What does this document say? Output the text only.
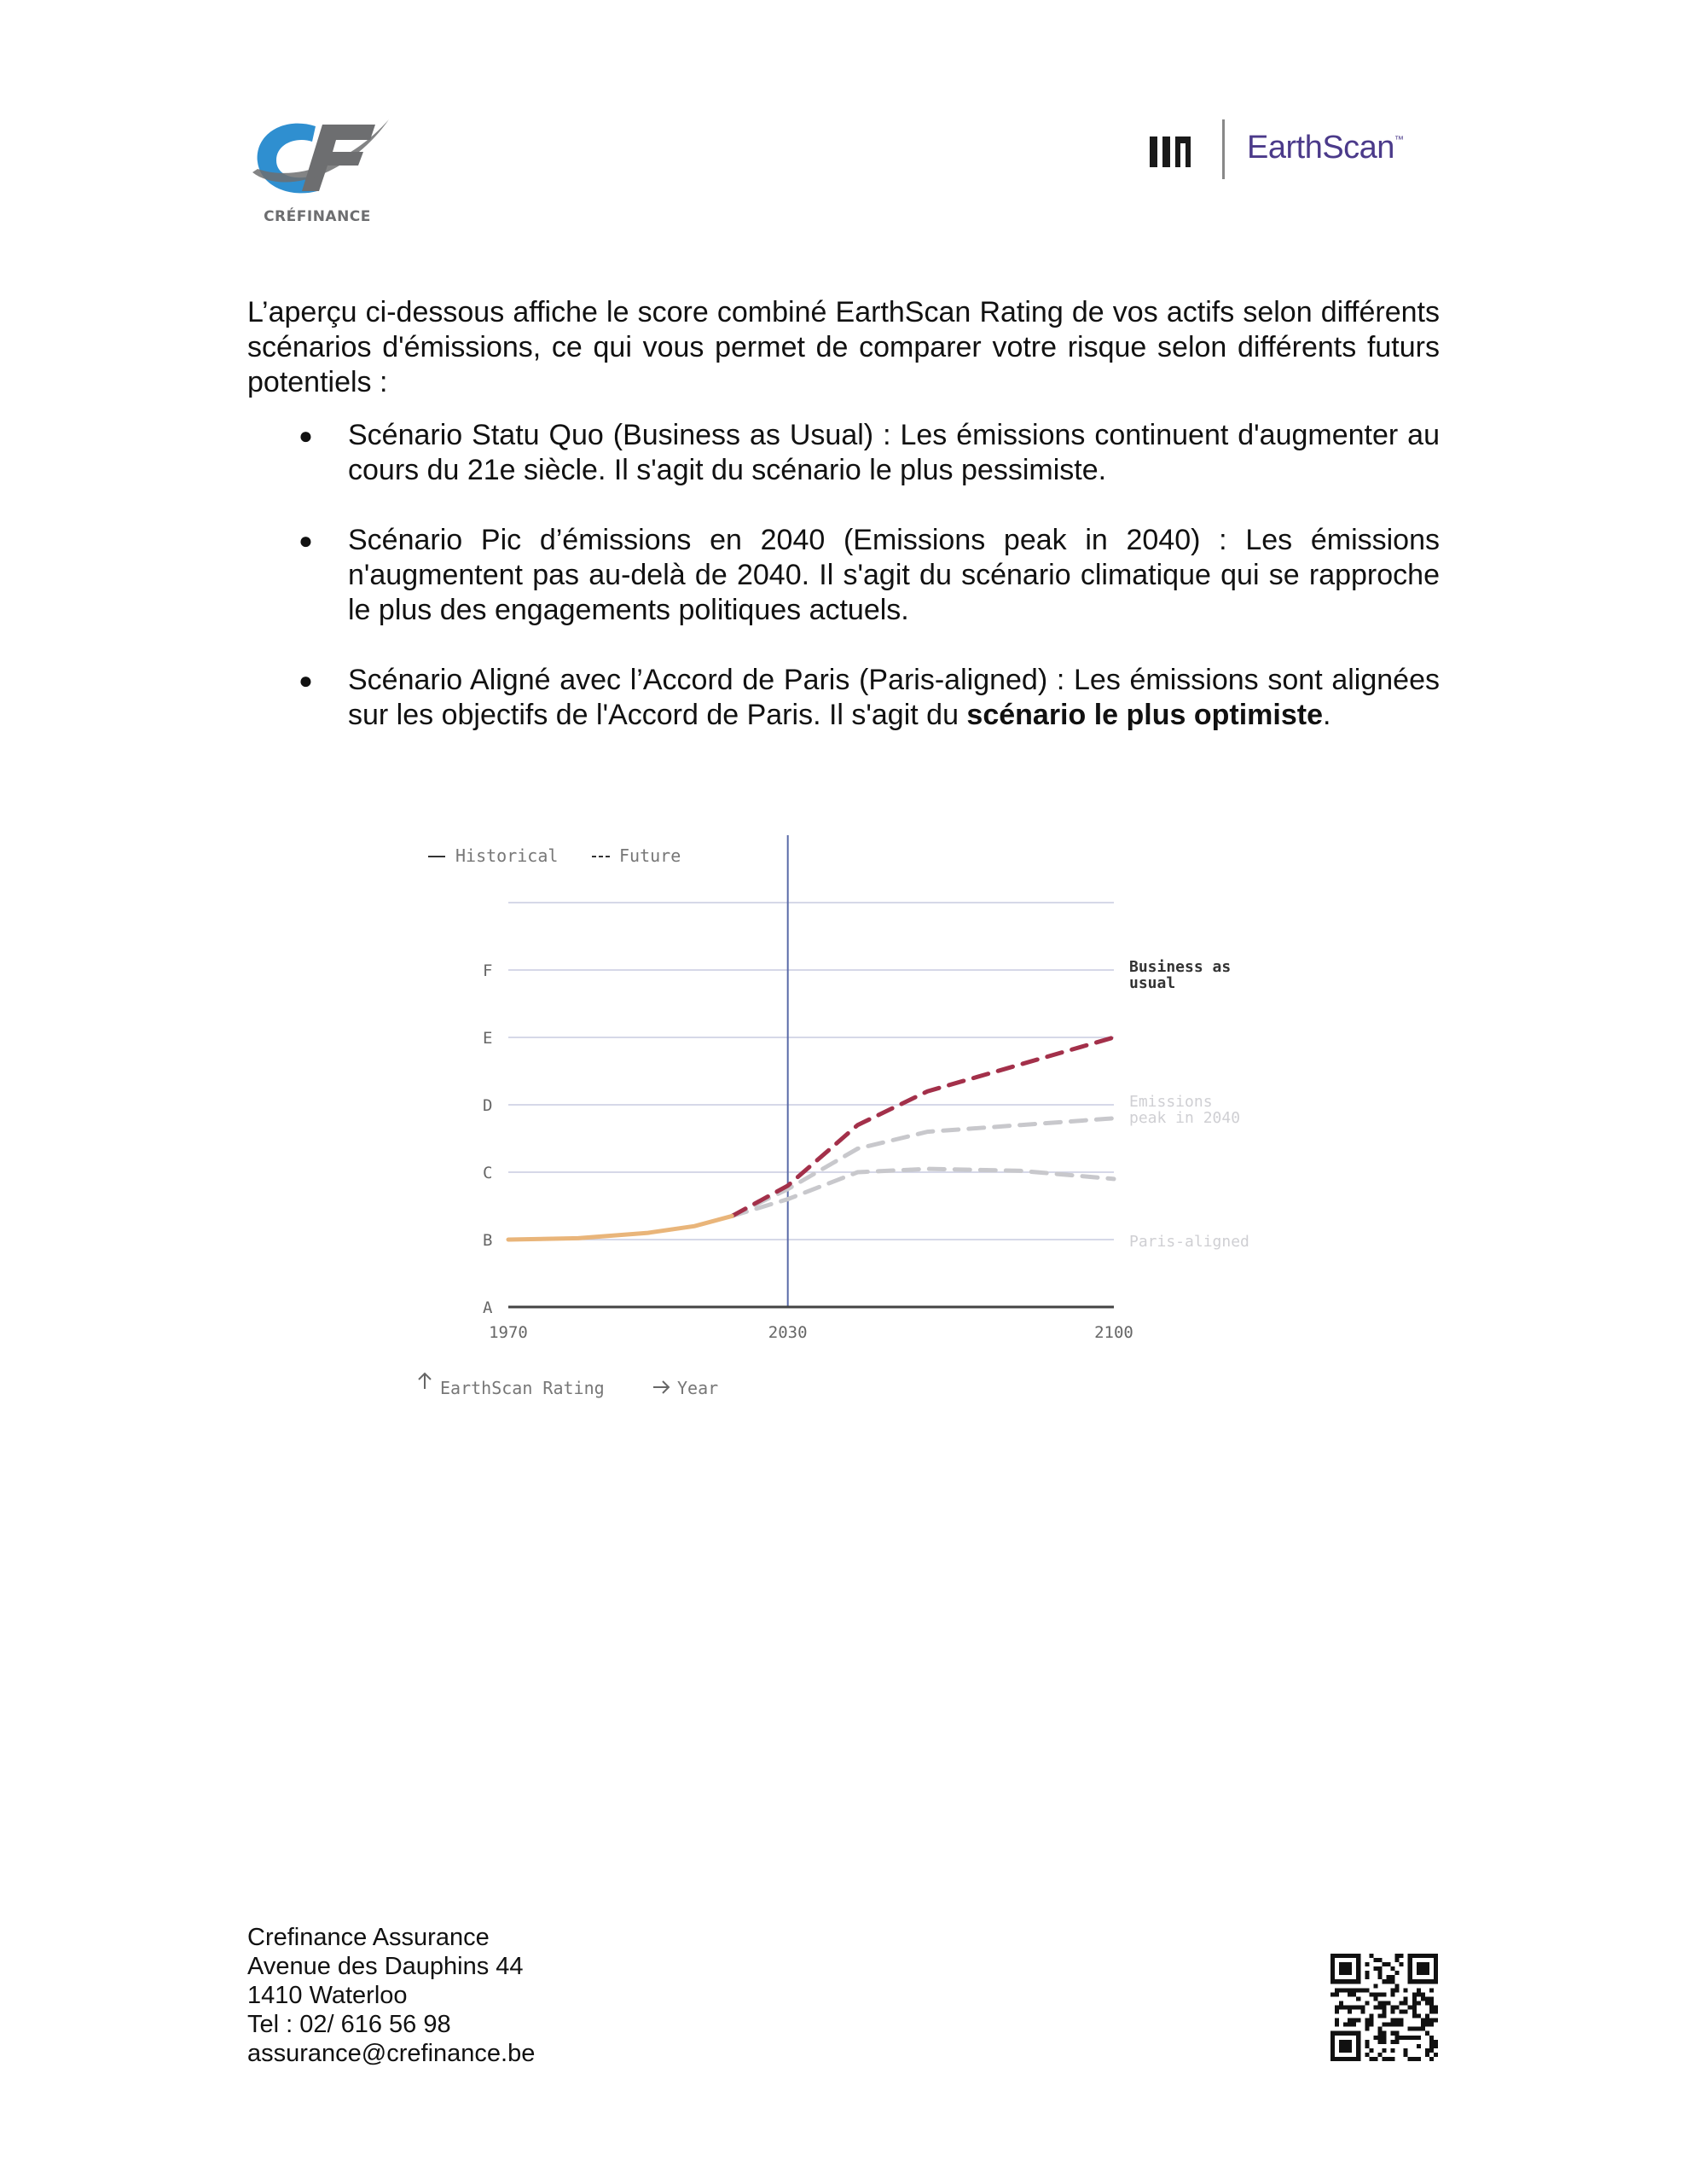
CRÉFINANCE
EarthScan™

L’aperçu ci-dessous affiche le score combiné EarthScan Rating de vos actifs selon différents scénarios d'émissions, ce qui vous permet de comparer votre risque selon différents futurs potentiels :

● Scénario Statu Quo (Business as Usual) : Les émissions continuent d'augmenter au cours du 21e siècle. Il s'agit du scénario le plus pessimiste.
● Scénario Pic d’émissions en 2040 (Emissions peak in 2040) : Les émissions n'augmentent pas au-delà de 2040. Il s'agit du scénario climatique qui se rapproche le plus des engagements politiques actuels.
● Scénario Aligné avec l’Accord de Paris (Paris-aligned) : Les émissions sont alignées sur les objectifs de l'Accord de Paris. Il s'agit du scénario le plus optimiste.
Historical	Future
A
B
C
D
E
F
1970	2030	2100
Business as
usual
Emissions
peak in 2040
Paris-aligned
EarthScan Rating	Year
Crefinance Assurance
Avenue des Dauphins 44
1410 Waterloo
Tel : 02/ 616 56 98
assurance@crefinance.be
